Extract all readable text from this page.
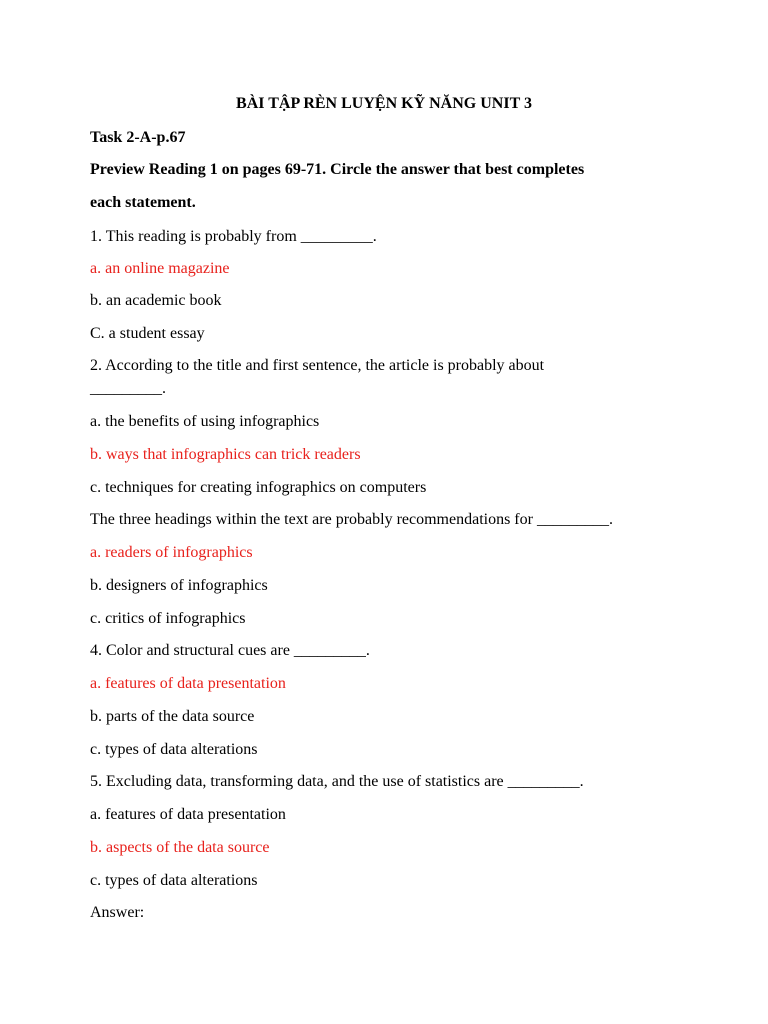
BÀI TẬP RÈN LUYỆN KỸ NĂNG UNIT 3

Task 2-A-p.67

Preview Reading 1 on pages 69-71. Circle the answer that best completes

each statement.

1. This reading is probably from _________.

a. an online magazine

b. an academic book

C. a student essay

2. According to the title and first sentence, the article is probably about

_________.

a. the benefits of using infographics

b. ways that infographics can trick readers

c. techniques for creating infographics on computers

The three headings within the text are probably recommendations for _________.

a. readers of infographics

b. designers of infographics

c. critics of infographics

4. Color and structural cues are _________.

a. features of data presentation

b. parts of the data source

c. types of data alterations

5. Excluding data, transforming data, and the use of statistics are _________.

a. features of data presentation

b. aspects of the data source

c. types of data alterations

Answer:
